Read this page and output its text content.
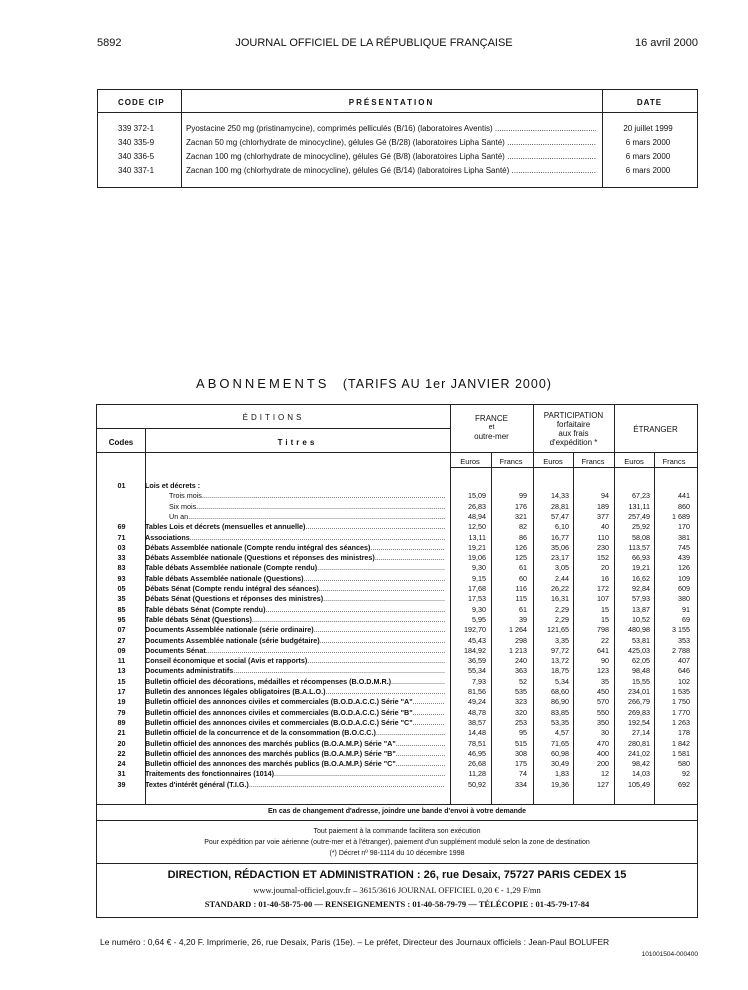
5892	JOURNAL OFFICIEL DE LA RÉPUBLIQUE FRANÇAISE	16 avril 2000
CODE CIP	PRÉSENTATION	DATE
339 372-1	Pyostacine 250 mg (pristinamycine), comprimés pelliculés (B/16) (laboratoires Aventis) .....	20 juillet 1999
340 335-9	Zacnan 50 mg (chlorhydrate de minocycline), gélules Gé (B/28) (laboratoires Lipha Santé) .....	6 mars 2000
340 336-5	Zacnan 100 mg (chlorhydrate de minocycline), gélules Gé (B/8) (laboratoires Lipha Santé) .....	6 mars 2000
340 337-1	Zacnan 100 mg (chlorhydrate de minocycline), gélules Gé (B/14) (laboratoires Lipha Santé) .....	6 mars 2000
ABONNEMENTS (TARIFS AU 1er JANVIER 2000)
ÉDITIONS
Codes	Titres
FRANCE
et
outre-mer
PARTICIPATION
forfaitaire
aux frais
d'expédition *
ÉTRANGER
Euros	Francs	Euros	Francs	Euros	Francs
01	Lois et décrets :
Trois mois .....	15,09	99	14,33	94	67,23	441
Six mois .....	26,83	176	28,81	189	131,11	860
Un an .....	48,94	321	57,47	377	257,49	1 689
69	Tables Lois et décrets (mensuelles et annuelle) .....	12,50	82	6,10	40	25,92	170
71	Associations .....	13,11	86	16,77	110	58,08	381
03	Débats Assemblée nationale (Compte rendu intégral des séances) .....	19,21	126	35,06	230	113,57	745
33	Débats Assemblée nationale (Questions et réponses des ministres) .....	19,06	125	23,17	152	66,93	439
83	Table débats Assemblée nationale (Compte rendu) .....	9,30	61	3,05	20	19,21	126
93	Table débats Assemblée nationale (Questions) .....	9,15	60	2,44	16	16,62	109
05	Débats Sénat (Compte rendu intégral des séances) .....	17,68	116	26,22	172	92,84	609
35	Débats Sénat (Questions et réponses des ministres) .....	17,53	115	16,31	107	57,93	380
85	Table débats Sénat (Compte rendu) .....	9,30	61	2,29	15	13,87	91
95	Table débats Sénat (Questions) .....	5,95	39	2,29	15	10,52	69
07	Documents Assemblée nationale (série ordinaire) .....	192,70	1 264	121,65	798	480,98	3 155
27	Documents Assemblée nationale (série budgétaire) .....	45,43	298	3,35	22	53,81	353
09	Documents Sénat .....	184,92	1 213	97,72	641	425,03	2 788
11	Conseil économique et social (Avis et rapports) .....	36,59	240	13,72	90	62,05	407
13	Documents administratifs .....	55,34	363	18,75	123	98,48	646
15	Bulletin officiel des décorations, médailles et récompenses (B.O.D.M.R.) .....	7,93	52	5,34	35	15,55	102
17	Bulletin des annonces légales obligatoires (B.A.L.O.) .....	81,56	535	68,60	450	234,01	1 535
19	Bulletin officiel des annonces civiles et commerciales (B.O.D.A.C.C.) Série "A" .....	49,24	323	86,90	570	266,79	1 750
79	Bulletin officiel des annonces civiles et commerciales (B.O.D.A.C.C.) Série "B" .....	48,78	320	83,85	550	269,83	1 770
89	Bulletin officiel des annonces civiles et commerciales (B.O.D.A.C.C.) Série "C" .....	38,57	253	53,35	350	192,54	1 263
21	Bulletin officiel de la concurrence et de la consommation (B.O.C.C.) .....	14,48	95	4,57	30	27,14	178
20	Bulletin officiel des annonces des marchés publics (B.O.A.M.P.) Série "A" .....	78,51	515	71,65	470	280,81	1 842
22	Bulletin officiel des annonces des marchés publics (B.O.A.M.P.) Série "B" .....	46,95	308	60,98	400	241,02	1 581
24	Bulletin officiel des annonces des marchés publics (B.O.A.M.P.) Série "C" .....	26,68	175	30,49	200	98,42	580
31	Traitements des fonctionnaires (1014) .....	11,28	74	1,83	12	14,03	92
39	Textes d'intérêt général (T.I.G.) .....	50,92	334	19,36	127	105,49	692
En cas de changement d'adresse, joindre une bande d'envoi à votre demande
Tout paiement à la commande facilitera son exécution
Pour expédition par voie aérienne (outre-mer et à l'étranger), paiement d'un supplément modulé selon la zone de destination
(*) Décret nº 98-1114 du 10 décembre 1998
DIRECTION, RÉDACTION ET ADMINISTRATION : 26, rue Desaix, 75727 PARIS CEDEX 15
www.journal-officiel.gouv.fr – 3615/3616 JOURNAL OFFICIEL 0,20 € - 1,29 F/mn
STANDARD : 01-40-58-75-00 — RENSEIGNEMENTS : 01-40-58-79-79 — TÉLÉCOPIE : 01-45-79-17-84
Le numéro : 0,64 € - 4,20 F. Imprimerie, 26, rue Desaix, Paris (15e). – Le préfet, Directeur des Journaux officiels : Jean-Paul BOLUFER
101001504-000400
